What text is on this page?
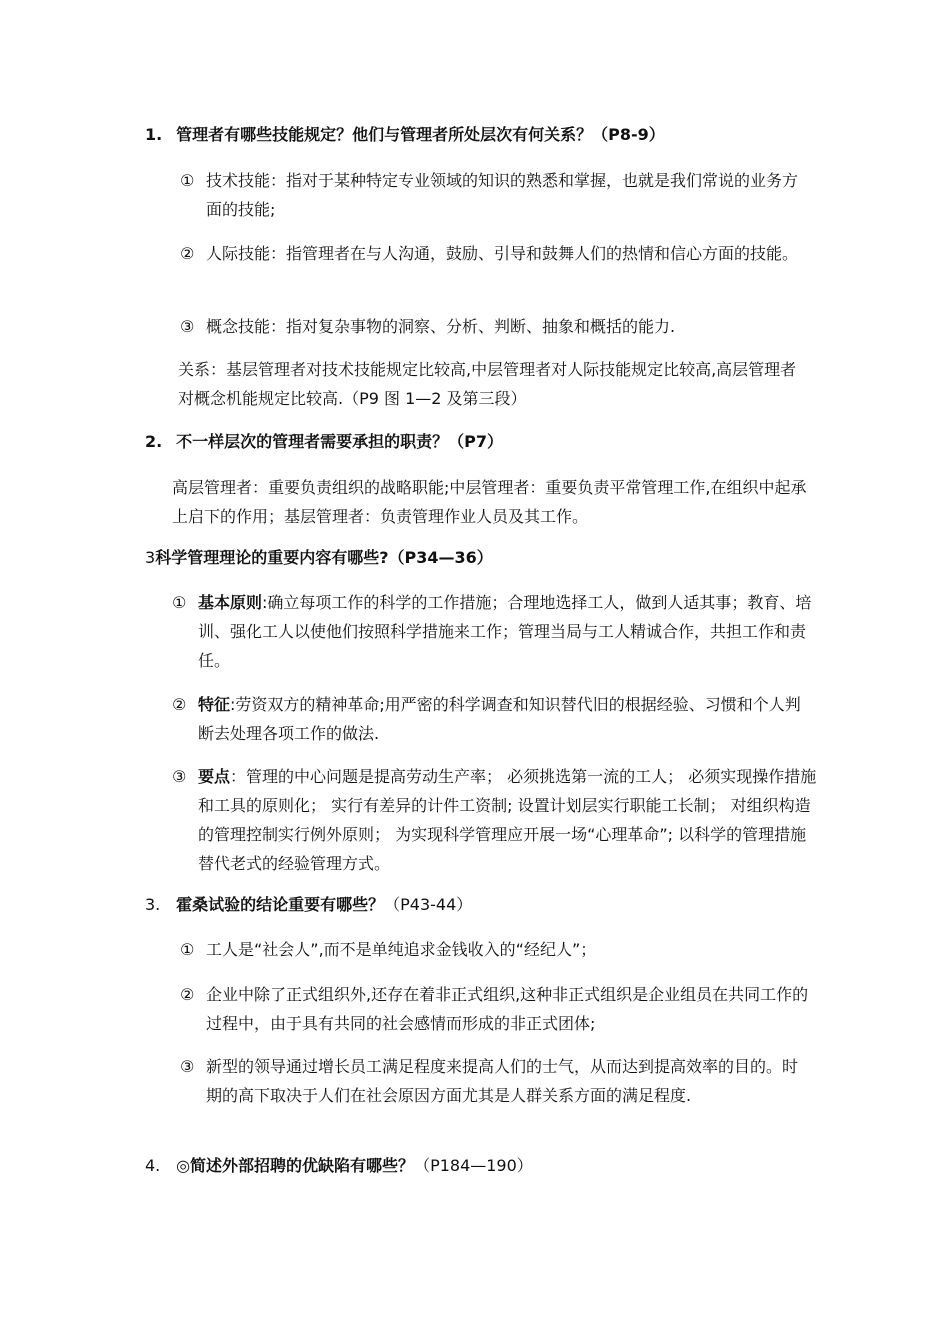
1. 管理者有哪些技能规定？他们与管理者所处层次有何关系？（P8-9）
① 技术技能：指对于某种特定专业领域的知识的熟悉和掌握，也就是我们常说的业务方面的技能;
② 人际技能：指管理者在与人沟通，鼓励、引导和鼓舞人们的热情和信心方面的技能。
③ 概念技能：指对复杂事物的洞察、分析、判断、抽象和概括的能力.
关系：基层管理者对技术技能规定比较高,中层管理者对人际技能规定比较高,高层管理者对概念机能规定比较高.（P9 图 1—2 及第三段）
2. 不一样层次的管理者需要承担的职责？（P7）
高层管理者：重要负责组织的战略职能;中层管理者：重要负责平常管理工作,在组织中起承上启下的作用；基层管理者：负责管理作业人员及其工作。
3科学管理理论的重要内容有哪些?（P34—36）
① 基本原则:确立每项工作的科学的工作措施；合理地选择工人，做到人适其事；教育、培训、强化工人以使他们按照科学措施来工作；管理当局与工人精诚合作，共担工作和责任。
② 特征:劳资双方的精神革命;用严密的科学调查和知识替代旧的根据经验、习惯和个人判断去处理各项工作的做法.
③ 要点：管理的中心问题是提高劳动生产率； 必须挑选第一流的工人； 必须实现操作措施和工具的原则化； 实行有差异的计件工资制; 设置计划层实行职能工长制； 对组织构造的管理控制实行例外原则； 为实现科学管理应开展一场“心理革命”; 以科学的管理措施替代老式的经验管理方式。
3. 霍桑试验的结论重要有哪些？（P43-44）
① 工人是“社会人”,而不是单纯追求金钱收入的“经纪人”；
② 企业中除了正式组织外,还存在着非正式组织,这种非正式组织是企业组员在共同工作的过程中，由于具有共同的社会感情而形成的非正式团体;
③ 新型的领导通过增长员工满足程度来提高人们的士气，从而达到提高效率的目的。时期的高下取决于人们在社会原因方面尤其是人群关系方面的满足程度.
4. ◎简述外部招聘的优缺陷有哪些？（P184—190）
